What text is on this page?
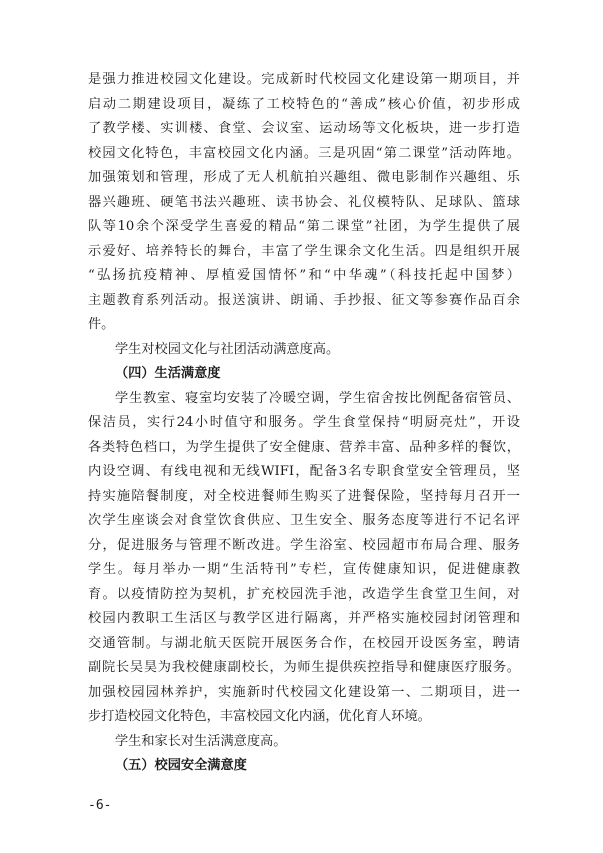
是强力推进校园文化建设。完成新时代校园文化建设第一期项目，并
启动二期建设项目，凝练了工校特色的“善成”核心价值，初步形成
了教学楼、实训楼、食堂、会议室、运动场等文化板块，进一步打造
校园文化特色，丰富校园文化内涵。三是巩固“第二课堂”活动阵地。
加强策划和管理，形成了无人机航拍兴趣组、微电影制作兴趣组、乐
器兴趣班、硬笔书法兴趣班、读书协会、礼仪模特队、足球队、篮球
队等10余个深受学生喜爱的精品“第二课堂”社团，为学生提供了展
示爱好、培养特长的舞台，丰富了学生课余文化生活。四是组织开展
“弘扬抗疫精神、厚植爱国情怀”和“中华魂”（科技托起中国梦）
主题教育系列活动。报送演讲、朗诵、手抄报、征文等参赛作品百余
件。
学生对校园文化与社团活动满意度高。
（四）生活满意度
学生教室、寝室均安装了冷暖空调，学生宿舍按比例配备宿管员、
保洁员，实行24小时值守和服务。学生食堂保持“明厨亮灶”，开设
各类特色档口，为学生提供了安全健康、营养丰富、品种多样的餐饮，
内设空调、有线电视和无线WIFI，配备3名专职食堂安全管理员，坚
持实施陪餐制度，对全校进餐师生购买了进餐保险，坚持每月召开一
次学生座谈会对食堂饮食供应、卫生安全、服务态度等进行不记名评
分，促进服务与管理不断改进。学生浴室、校园超市布局合理、服务
学生。每月举办一期“生活特刊”专栏，宣传健康知识，促进健康教
育。以疫情防控为契机，扩充校园洗手池，改造学生食堂卫生间，对
校园内教职工生活区与教学区进行隔离，并严格实施校园封闭管理和
交通管制。与湖北航天医院开展医务合作，在校园开设医务室，聘请
副院长吴昊为我校健康副校长，为师生提供疾控指导和健康医疗服务。
加强校园园林养护，实施新时代校园文化建设第一、二期项目，进一
步打造校园文化特色，丰富校园文化内涵，优化育人环境。
学生和家长对生活满意度高。
（五）校园安全满意度
-6-
